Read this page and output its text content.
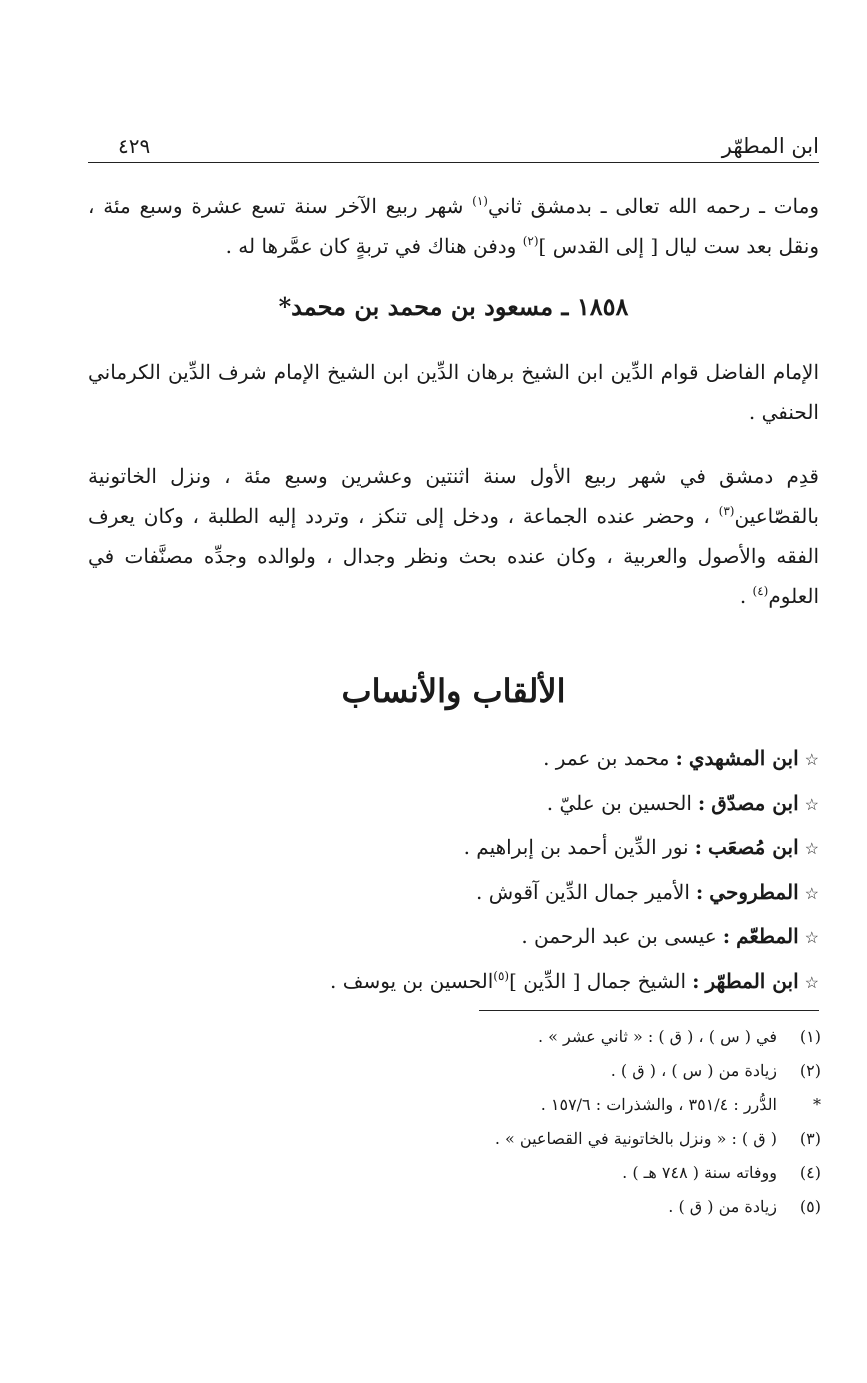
ابن المطهّر
٤٢٩

ومات ـ رحمه الله تعالى ـ بدمشق ثاني$^{(١)}$ شهر ربيع الآخر سنة تسع عشرة وسبع مئة ، ونقل بعد ست ليال [ إلى القدس ]$^{(٢)}$ ودفن هناك في تربةٍ كان عمَّرها له .

١٨٥٨ ـ مسعود بن محمد بن محمد*

الإمام الفاضل قوام الدِّين ابن الشيخ برهان الدِّين ابن الشيخ الإمام شرف الدِّين الكرماني الحنفي .

قدِم دمشق في شهر ربيع الأول سنة اثنتين وعشرين وسبع مئة ، ونزل الخاتونية بالقصّاعين$^{(٣)}$ ، وحضر عنده الجماعة ، ودخل إلى تنكز ، وتردد إليه الطلبة ، وكان يعرف الفقه والأصول والعربية ، وكان عنده بحث ونظر وجدال ، ولوالده وجدِّه مصنَّفات في العلوم$^{(٤)}$ .

الألقاب والأنساب
☆ابن المشهدي:محمد بن عمر .
☆ابن مصدّق:الحسين بن عليّ .
☆ابن مُصعَب:نور الدِّين أحمد بن إبراهيم .
☆المطروحي:الأمير جمال الدِّين آقوش .
☆المطعّم:عيسى بن عبد الرحمن .
☆ابن المطهّر:الشيخ جمال [ الدِّين ]$^{(٥)}$الحسين بن يوسف .
(١)
في ( س ) ، ( ق ) : « ثاني عشر » .
(٢)
زيادة من ( س ) ، ( ق ) .
*
الدُّرر : ٣٥١/٤ ، والشذرات : ١٥٧/٦ .
(٣)
( ق ) : « ونزل بالخاتونية في القصاعين » .
(٤)
ووفاته سنة ( ٧٤٨ هـ ) .
(٥)
زيادة من ( ق ) .
